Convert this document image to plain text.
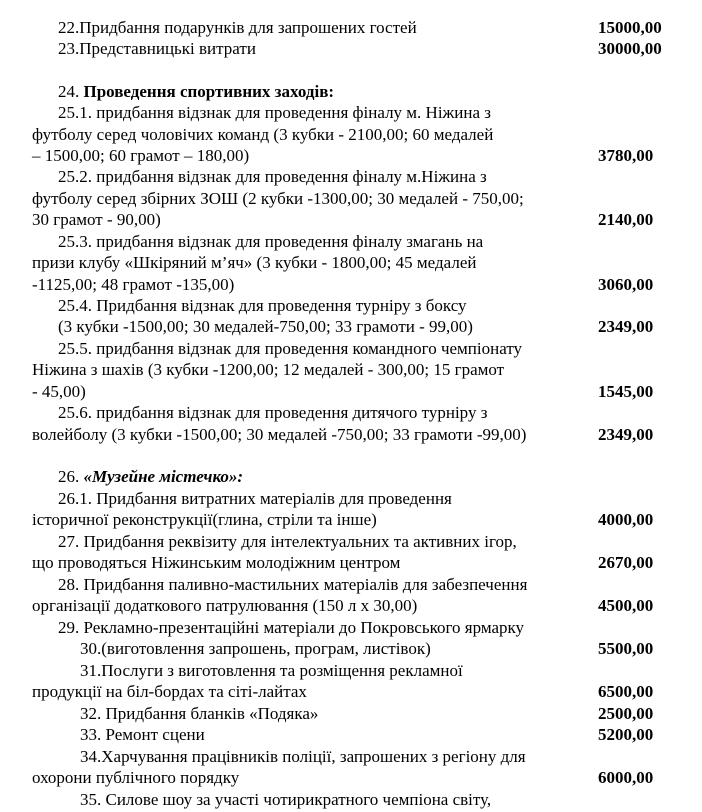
22.Придбання подарунків для запрошених гостей	15000,00
23.Представницькі витрати	30000,00
24. Проведення спортивних заходів:
25.1. придбання відзнак для проведення фіналу м. Ніжина з
футболу серед чоловічих команд (3 кубки - 2100,00; 60 медалей
– 1500,00; 60 грамот – 180,00)	3780,00
25.2. придбання відзнак для проведення фіналу м.Ніжина з
футболу серед збірних ЗОШ (2 кубки -1300,00; 30 медалей - 750,00;
30 грамот - 90,00)	2140,00
25.3. придбання відзнак для проведення фіналу змагань на
призи клубу «Шкіряний м’яч» (3 кубки - 1800,00; 45 медалей
-1125,00; 48 грамот -135,00)	3060,00
25.4. Придбання відзнак для проведення турніру з боксу
(3 кубки -1500,00; 30 медалей-750,00; 33 грамоти - 99,00)	2349,00
25.5. придбання відзнак для проведення командного чемпіонату
Ніжина з шахів (3 кубки -1200,00; 12 медалей - 300,00; 15 грамот
- 45,00)	1545,00
25.6. придбання відзнак для проведення дитячого турніру з
волейболу (3 кубки -1500,00; 30 медалей -750,00; 33 грамоти -99,00)	2349,00
26. «Музейне містечко»:
26.1. Придбання витратних матеріалів для проведення
історичної реконструкції(глина, стріли та інше)	4000,00
27. Придбання реквізиту для інтелектуальних та активних ігор,
що проводяться Ніжинським молодіжним центром	2670,00
28. Придбання паливно-мастильних матеріалів для забезпечення
організації додаткового патрулювання (150 л х 30,00)	4500,00
29. Рекламно-презентаційні матеріали до Покровського ярмарку
30.(виготовлення запрошень, програм, листівок)	5500,00
31.Послуги з виготовлення та розміщення рекламної
продукції на біл-бордах та сіті-лайтах	6500,00
32. Придбання бланків «Подяка»	2500,00
33. Ремонт сцени	5200,00
34.Харчування працівників поліції, запрошених з регіону для
охорони публічного порядку	6000,00
35. Силове шоу за участі чотирикратного чемпіона світу,
